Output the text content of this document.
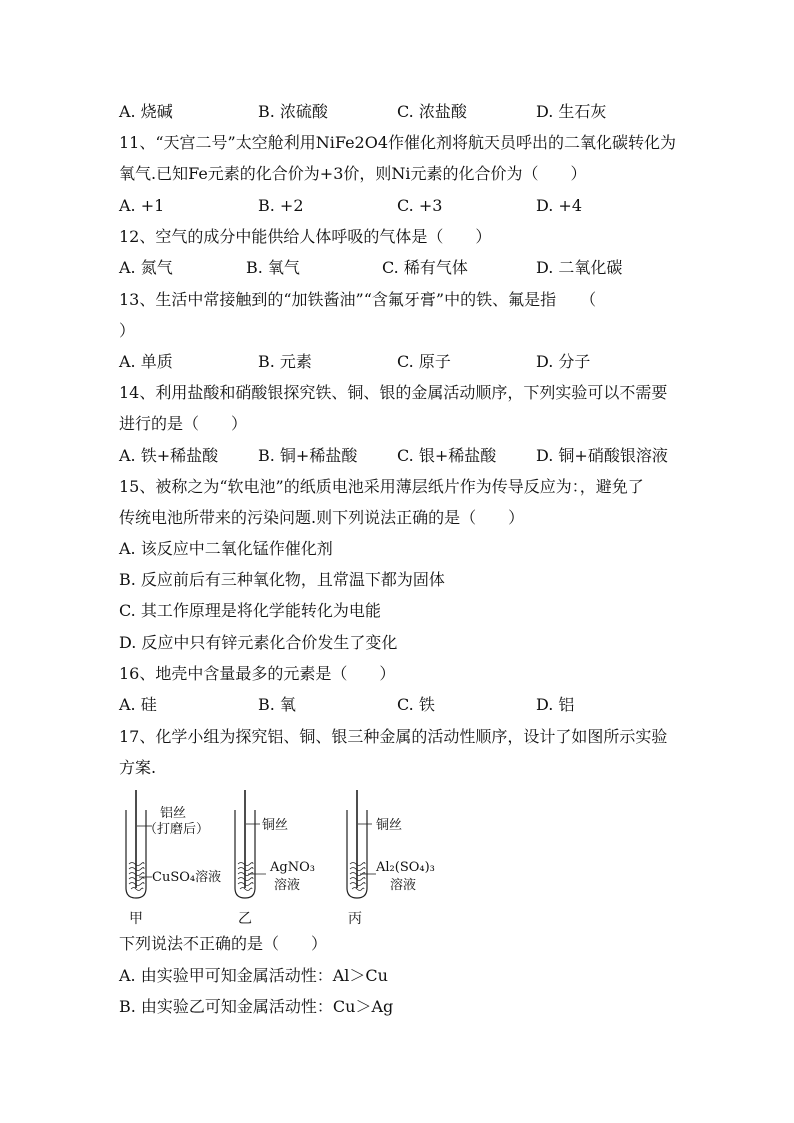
A. 烧碱	B. 浓硫酸	C. 浓盐酸	D. 生石灰
11、“天宫二号”太空舱利用NiFe2O4作催化剂将航天员呼出的二氧化碳转化为
氧气.已知Fe元素的化合价为+3价，则Ni元素的化合价为（　　）
A. +1	B. +2	C. +3	D. +4
12、空气的成分中能供给人体呼吸的气体是（　　）
A. 氮气	B. 氧气	C. 稀有气体	D. 二氧化碳
13、生活中常接触到的“加铁酱油”“含氟牙膏”中的铁、氟是指　　（
）
A. 单质	B. 元素	C. 原子	D. 分子
14、利用盐酸和硝酸银探究铁、铜、银的金属活动顺序，下列实验可以不需要
进行的是（　　）
A. 铁+稀盐酸 B. 铜+稀盐酸 C. 银+稀盐酸 D. 铜+硝酸银溶液
15、被称之为“软电池”的纸质电池采用薄层纸片作为传导反应为：，避免了
传统电池所带来的污染问题.则下列说法正确的是（　　）
A. 该反应中二氧化锰作催化剂
B. 反应前后有三种氧化物，且常温下都为固体
C. 其工作原理是将化学能转化为电能
D. 反应中只有锌元素化合价发生了变化
16、地壳中含量最多的元素是（　　）
A. 硅	B. 氧	C. 铁	D. 铝
17、化学小组为探究铝、铜、银三种金属的活动性顺序，设计了如图所示实验
方案.
铝丝
（打磨后）
CuSO₄溶液
甲
铜丝
AgNO₃
溶液
乙
铜丝
Al₂(SO₄)₃
溶液
丙
下列说法不正确的是（　　）
A. 由实验甲可知金属活动性：Al＞Cu
B. 由实验乙可知金属活动性：Cu＞Ag
